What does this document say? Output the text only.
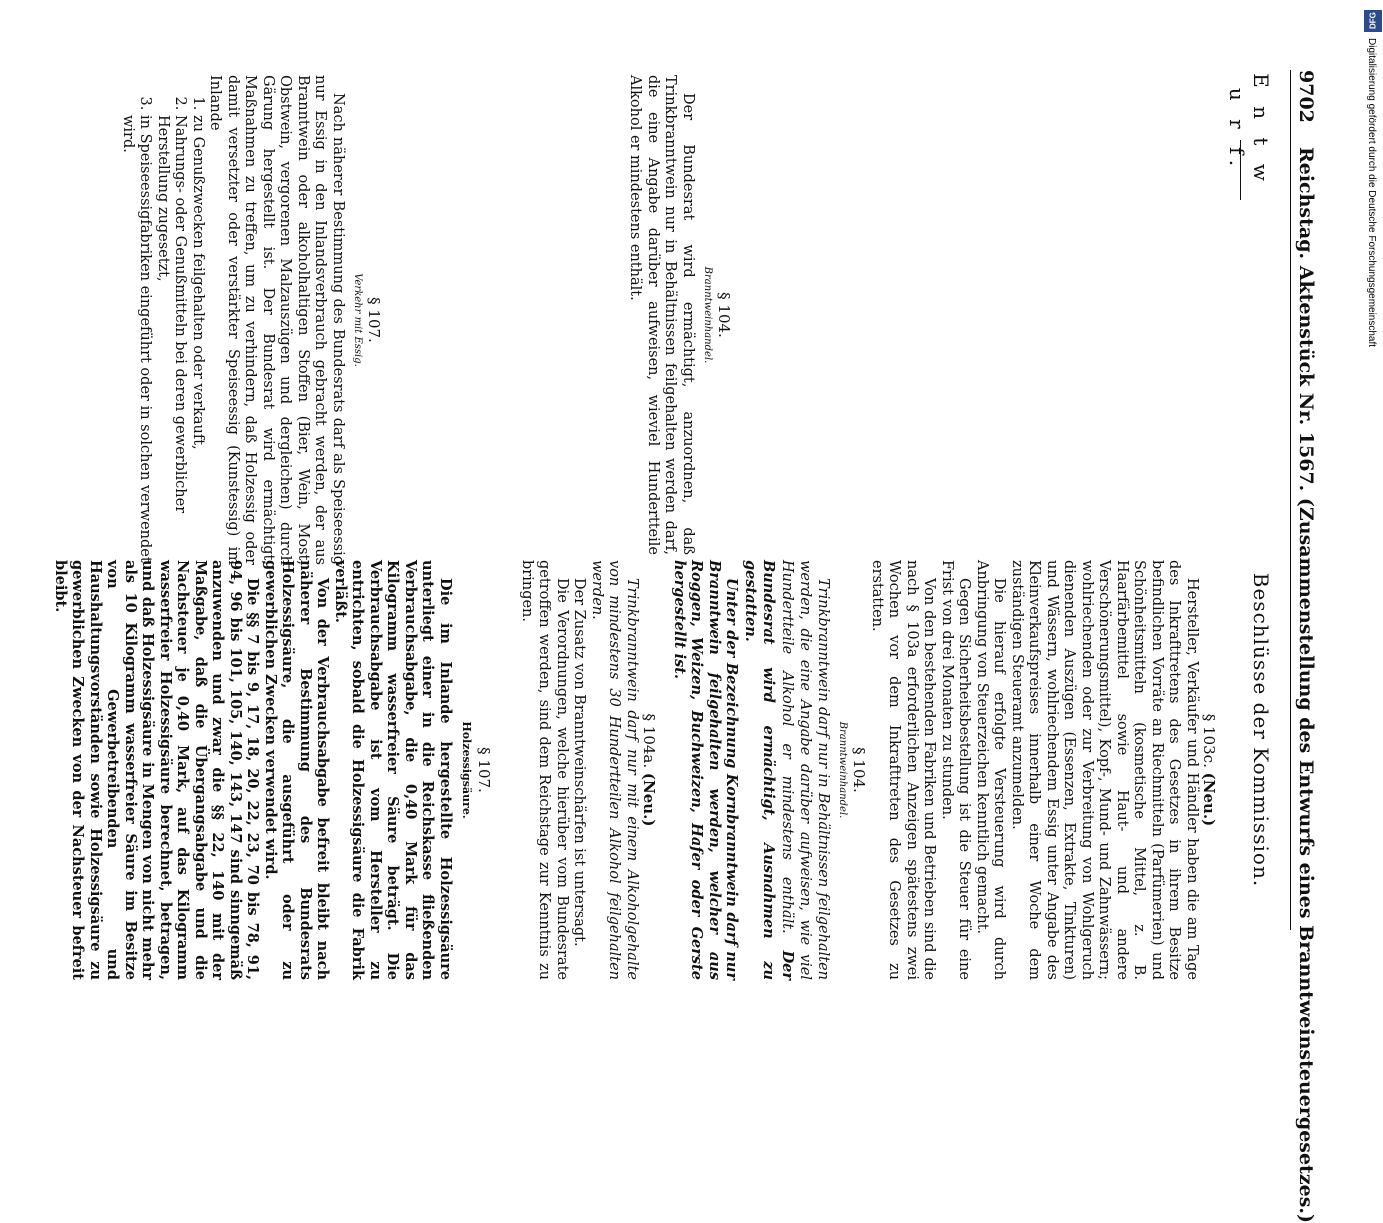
9702 Reichstag. Aktenstück Nr. 1567. (Zusammenstellung des Entwurfs eines Branntweinsteuergesetzes.)
E n t w u r f.
Beschlüsse der Kommission.
§ 104.
Branntweinhandel.

Der Bundesrat wird ermächtigt, anzuordnen, daß Trinkbranntwein nur in Behältnissen feilgehalten werden darf, die eine Angabe darüber aufweisen, wieviel Hundertteile Alkohol er mindestens enthält.

§ 107.
Verkehr mit Essig.

Nach näherer Bestimmung des Bundesrats darf als Speiseessig nur Essig in den Inlandsverbrauch gebracht werden, der aus Branntwein oder alkoholhaltigen Stoffen (Bier, Wein, Most, Obstwein, vergorenen Malzauszügen und dergleichen) durch Gärung hergestellt ist. Der Bundesrat wird ermächtigt, Maßnahmen zu treffen, um zu verhindern, daß Holzessig oder damit versetzter oder verstärkter Speiseessig (Kunstessig) im Inlande

1. zu Genußzwecken feilgehalten oder verkauft,
2. Nahrungs- oder Genußmitteln bei deren gewerblicher Herstellung zugesetzt,
3. in Speiseessigfabriken eingeführt oder in solchen verwendet wird.
§ 103c. (Neu.)

Hersteller, Verkäufer und Händler haben die am Tage des Inkrafttretens des Gesetzes in ihrem Besitze befindlichen Vorräte an Riechmitteln (Parfümerien) und Schönheitsmitteln (kosmetische Mittel, z. B. Haarfärbemittel sowie Haut- und andere Verschönerungsmittel), Kopf-, Mund- und Zahnwässern; wohlriechenden oder zur Verbreitung von Wohlgeruch dienenden Auszügen (Essenzen, Extrakte, Tinkturen) und Wässern, wohlriechendem Essig unter Angabe des Kleinverkaufspreises innerhalb einer Woche dem zuständigen Steueramt anzumelden.

Die hierauf erfolgte Versteuerung wird durch Anbringung von Steuerzeichen kenntlich gemacht.

Gegen Sicherheitsbestellung ist die Steuer für eine Frist von drei Monaten zu stunden.

Von den bestehenden Fabriken und Betrieben sind die nach § 103a erforderlichen Anzeigen spätestens zwei Wochen vor dem Inkrafttreten des Gesetzes zu erstatten.

§ 104.
Branntweinhandel.

Trinkbranntwein darf nur in Behältnissen feilgehalten werden, die eine Angabe darüber aufweisen, wie viel Hundertteile Alkohol er mindestens enthält. Der Bundesrat wird ermächtigt, Ausnahmen zu gestatten.

Unter der Bezeichnung Kornbranntwein darf nur Branntwein feilgehalten werden, welcher aus Roggen, Weizen, Buchweizen, Hafer oder Gerste hergestellt ist.

§ 104a. (Neu.)

Trinkbranntwein darf nur mit einem Alkoholgehalte von mindestens 30 Hundertteilen Alkohol feilgehalten werden.

Der Zusatz von Branntweinschärfen ist untersagt.

Die Verordnungen, welche hierüber vom Bundesrate getroffen werden, sind dem Reichstage zur Kenntnis zu bringen.

§ 107.
Holzessigsäure.

Die im Inlande hergestellte Holzessigsäure unterliegt einer in die Reichskasse fließenden Verbrauchsabgabe, die 0,40 Mark für das Kilogramm wasserfreier Säure beträgt. Die Verbrauchsabgabe ist vom Hersteller zu entrichten, sobald die Holzessigsäure die Fabrik verläßt.

Von der Verbrauchsabgabe befreit bleibt nach näherer Bestimmung des Bundesrats Holzessigsäure, die ausgeführt oder zu gewerblichen Zwecken verwendet wird.

Die §§ 7 bis 9, 17, 18, 20, 22, 23, 70 bis 78, 91, 94, 96 bis 101, 105, 140, 143, 147 sind sinngemäß anzuwenden und zwar die §§ 22, 140 mit der Maßgabe, daß die Übergangsabgabe und die Nachsteuer je 0,40 Mark, auf das Kilogramm wasserfreier Holzessigsäure berechnet, betragen, und daß Holzessigsäure in Mengen von nicht mehr als 10 Kilogramm wasserfreier Säure im Besitze von Gewerbetreibenden und Haushaltungsvorständen sowie Holzessigsäure zu gewerblichen Zwecken von der Nachsteuer befreit bleibt.

DFG
Digitalisierung gefördert durch die Deutsche Forschungsgemeinschaft
